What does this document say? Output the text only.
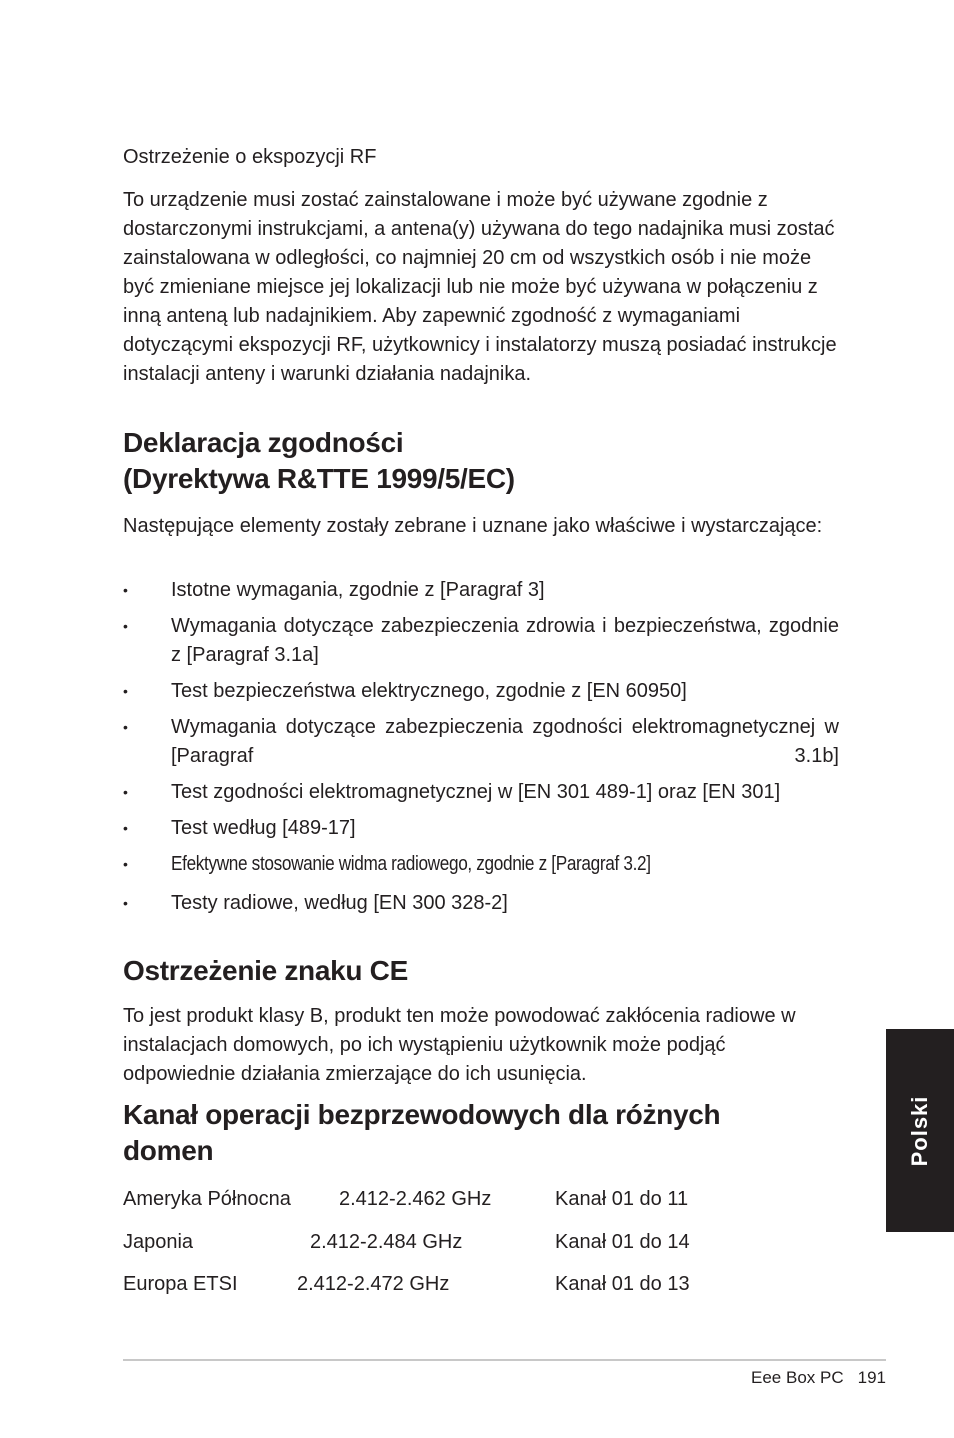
Ostrzeżenie o ekspozycji RF

To urządzenie musi zostać zainstalowane i może być używane zgodnie z dostarczonymi instrukcjami, a antena(y) używana do tego nadajnika musi zostać zainstalowana w odległości, co najmniej 20 cm od wszystkich osób i nie może być zmieniane miejsce jej lokalizacji lub nie może być używana w połączeniu z inną anteną lub nadajnikiem. Aby zapewnić zgodność z wymaganiami dotyczącymi ekspozycji RF, użytkownicy i instalatorzy muszą posiadać instrukcje instalacji anteny i warunki działania nadajnika.

Deklaracja zgodności
(Dyrektywa R&TTE 1999/5/EC)

Następujące elementy zostały zebrane i uznane jako właściwe i wystarczające:

• Istotne wymagania, zgodnie z [Paragraf 3]
• Wymagania dotyczące zabezpieczenia zdrowia i bezpieczeństwa, zgodnie z [Paragraf 3.1a]
• Test bezpieczeństwa elektrycznego, zgodnie z [EN 60950]
• Wymagania dotyczące zabezpieczenia zgodności elektromagnetycznej w [Paragraf 3.1b]
• Test zgodności elektromagnetycznej w [EN 301 489-1] oraz [EN 301]
• Test według [489-17]
• Efektywne stosowanie widma radiowego, zgodnie z [Paragraf 3.2]
• Testy radiowe, według [EN 300 328-2]
Ostrzeżenie znaku CE

To jest produkt klasy B, produkt ten może powodować zakłócenia radiowe w instalacjach domowych, po ich wystąpieniu użytkownik może podjąć odpowiednie działania zmierzające do ich usunięcia.

Kanał operacji bezprzewodowych dla różnych
domen
Ameryka Północna 2.412-2.462 GHz	Kanał 01 do 11
Japonia	2.412-2.484 GHz	Kanał 01 do 14
Europa ETSI	2.412-2.472 GHz	Kanał 01 do 13
Polski
Eee Box PC 191
